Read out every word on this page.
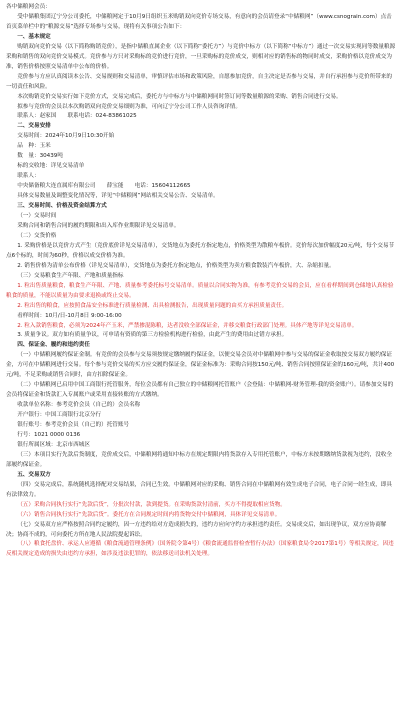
各中储粮网会员：

受中储粮集团辽宁分公司委托，中储粮网定于10月9日组织玉米购销双向竞价专场交易，有意向的会员请登录“中储粮网”（www.csnograin.com）点击首页菜单栏中的“粮源交易”选择专场参与交易，现将有关事项公告如下：

一、基本规定

购销双向竞价交易（以下简称购销竞价），是指中储粮直属企业（以下简称“委托方”）与竞价中标方（以下简称“中标方”）通过一次交易实现同等数量粮源采购和销售的双向竞价交易模式。竞价参与方只对采购标的竞价进行竞价，一旦采购标的竞价成交，则相对应的销售标的物同时成交，采购价格以竞价成交为准，销售价格按照交易清单中公布的价格。

竞价参与方应认真阅读本公告、交易规则和交易清单，审慎评估市场和政策风险，自愿参加竞价，自主决定是否参与交易，并自行承担参与竞价所带来的一切责任和风险。

本次购销竞价交易实行如下竞价方式，交易完成后，委托方与中标方与中储粮网同时签订同等数量粮源的采购、销售合同进行交易。

拟参与竞价的会员以本次购销双向竞价交易细则为准，可向辽宁分公司工作人员咨询详情。

联系人：赵家国　　联系电话：024-83861025

二、交易安排

交易时间：2024年10月9日10:30开始

品　种：玉米

数　量：30439吨

标的交收地：详见交易清单

联系人：

中央储备粮大连直属库有限公司　　薛宝能　　电话：15604112665

具体交易数量及调整变化情况等，详见“中储粮网”网站相关交易公告、交易清单。

三、交易时间、价格及资金结算方式

（一）交易时间

采购合同和销售合同的履约期限和出入库作业期限详见交易清单。

（二）交货价格

1. 采购价格是以竞价方式产生（竞价底价详见交易清单），交货地点为委托方指定地点，价格类型为散粮车板价。竞价每次加价幅度20元/吨，每个交易节点6个标的，时间为60秒，价格以成交价格为准。

2. 销售价格为清单公布价格（详见交易清单），交货地点为委托方指定地点，价格类型为卖方粮食散装汽车板价，大、杂缩扣量。

（三）交易粮食生产年限、产地和质量指标

1. 粒出售质量粮食，粮食生产年限、产地、质量参考委托标号交易清单。质量以合同实物为准，有参考竞价交易的会员，应在看样期间到仓储地认真检验粮食的质量，不能以质量为由要求退换或终止交易。

2. 粒出售的粮食，应按照食品安全标准进行质量检测、出具检测报告，出现质量问题的由买方承担质量责任。

看样时间：10月/日-10月8日 9:00-16:00

2. 粒入款销售粮食，必须为2024年产玉米，严禁掺混陈粮，达者没收全部保证金，并移交粮食行政部门处理。具体产地等详见交易清单。

3. 质量争议。双方如有质量争议，可申请有资质的第三方检验机构进行检验，由此产生的费用由过错方承担。

四、保证金、履约和违约责任

（一）中储粮网履约保证金制。有竞价的会员参与交易须按规定缴纳履约保证金，以便交易会员对中储粮网中参与交易的保证金收取按交易双方履约保证金，方可在中储粮网进行交易。每个参与竞价交易的买方应交履约保证金，保证金标准为：采购合同按150元/吨、销售合同按照保证金的160元/吨，共计400元/吨，不足采购或销售合同时，由方扣除保证金。

（二）中储粮网已启用中国工商银行托管服务，每位会员都有自己独立的中储粮网托管账户（会登陆：中储粮网-财务管理-我的资金账户）。请参加交易的会员将保证金和货款汇入专属账户或采用直接转账的方式缴纳。

收款单位名称：参考竞价会员（自己的）会员名称

开户银行：中国工商银行北京分行

银行账号：参考竞价会员（自己的）托管账号

行号：1021 0000 0136

银行所属区域：北京市西城区

（三）本项目实行先款后货制度，竞价成交后，中储粮网将通知中标方在规定期限内将货款存入专用托管账户，中标方未按期缴纳货款视为违约，没收全部履约保证金。

五、交易双方

（四）交易完成后，系统随机选择配对交易结果，合同已生效。中储粮网对应的采购、销售合同在中储粮网有效生成电子合同，电子合同一经生成，即具有法律效力。

（五）采购合同执行实行“先款后货”，分批次付款，款到提货。在采购货款付清前，买方不得提取相应货物。

（六）销售合同执行实行“先款后货”。委托方在合同规定时间内将货物交付中储粮网，具体详见交易清单。

（七）交易双方应严格按照合同约定履约，因一方违约给对方造成损失的，违约方应向守约方承担违约责任。交易成交后，如出现争议，双方应协商解决；协商不成的，可向委托方所在地人民法院提起诉讼。

（八）粮食托盘价、承运人应遵循《粮食流通管理条例》（国务院令第4号）《粮食流通监督检查暂行办法》（国家粮食局令2017第1号）等相关规定，因违反相关规定造成的损失由违约方承担，如涉及违法犯罪的，依法移送司法机关处理。
